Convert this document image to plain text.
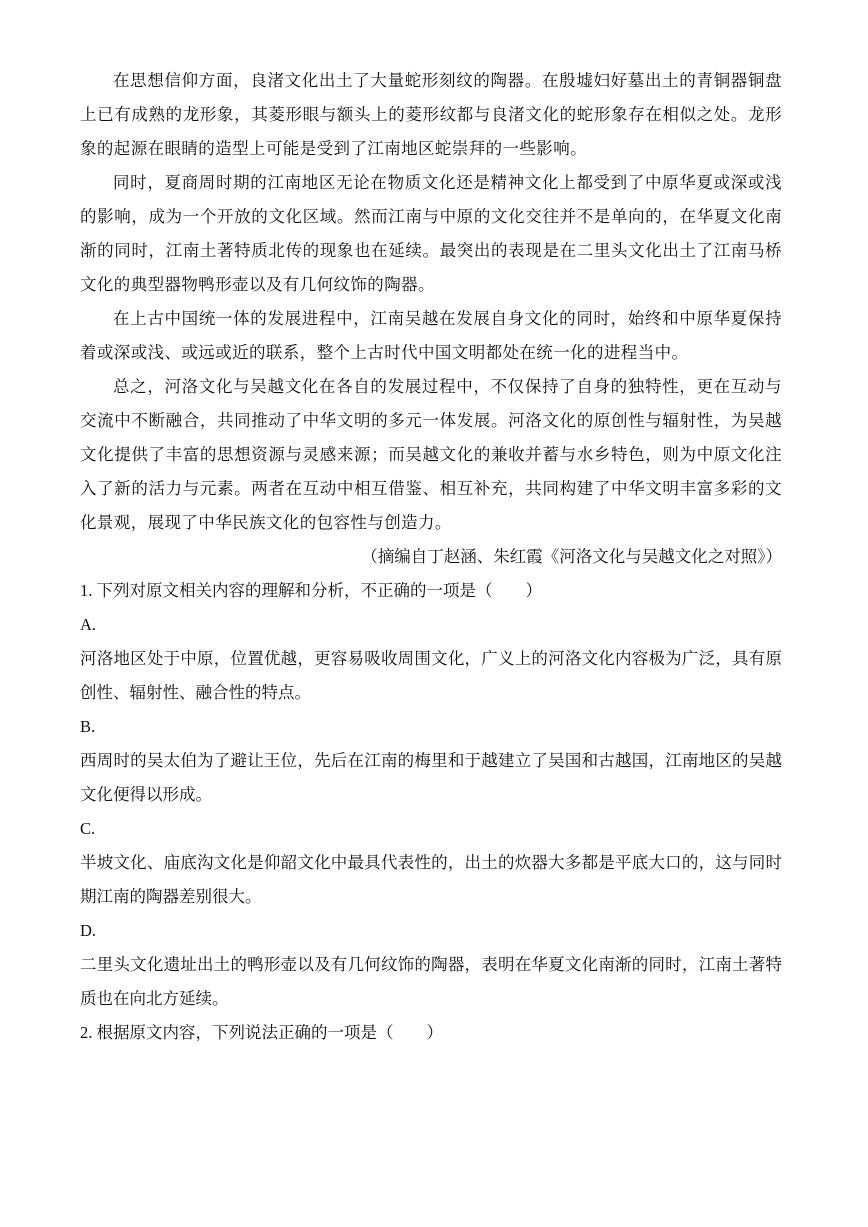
在思想信仰方面，良渚文化出土了大量蛇形刻纹的陶器。在殷墟妇好墓出土的青铜器铜盘上已有成熟的龙形象，其菱形眼与额头上的菱形纹都与良渚文化的蛇形象存在相似之处。龙形象的起源在眼睛的造型上可能是受到了江南地区蛇崇拜的一些影响。

同时，夏商周时期的江南地区无论在物质文化还是精神文化上都受到了中原华夏或深或浅的影响，成为一个开放的文化区域。然而江南与中原的文化交往并不是单向的，在华夏文化南渐的同时，江南土著特质北传的现象也在延续。最突出的表现是在二里头文化出土了江南马桥文化的典型器物鸭形壶以及有几何纹饰的陶器。

在上古中国统一体的发展进程中，江南吴越在发展自身文化的同时，始终和中原华夏保持着或深或浅、或远或近的联系，整个上古时代中国文明都处在统一化的进程当中。

总之，河洛文化与吴越文化在各自的发展过程中，不仅保持了自身的独特性，更在互动与交流中不断融合，共同推动了中华文明的多元一体发展。河洛文化的原创性与辐射性，为吴越文化提供了丰富的思想资源与灵感来源；而吴越文化的兼收并蓄与水乡特色，则为中原文化注入了新的活力与元素。两者在互动中相互借鉴、相互补充，共同构建了中华文明丰富多彩的文化景观，展现了中华民族文化的包容性与创造力。

（摘编自丁赵涵、朱红霞《河洛文化与吴越文化之对照》）

1. 下列对原文相关内容的理解和分析，不正确的一项是（　　）

A.

河洛地区处于中原，位置优越，更容易吸收周围文化，广义上的河洛文化内容极为广泛，具有原创性、辐射性、融合性的特点。

B.

西周时的吴太伯为了避让王位，先后在江南的梅里和于越建立了吴国和古越国，江南地区的吴越文化便得以形成。

C.

半坡文化、庙底沟文化是仰韶文化中最具代表性的，出土的炊器大多都是平底大口的，这与同时期江南的陶器差别很大。

D.

二里头文化遗址出土的鸭形壶以及有几何纹饰的陶器，表明在华夏文化南渐的同时，江南土著特质也在向北方延续。

2. 根据原文内容，下列说法正确的一项是（　　）
